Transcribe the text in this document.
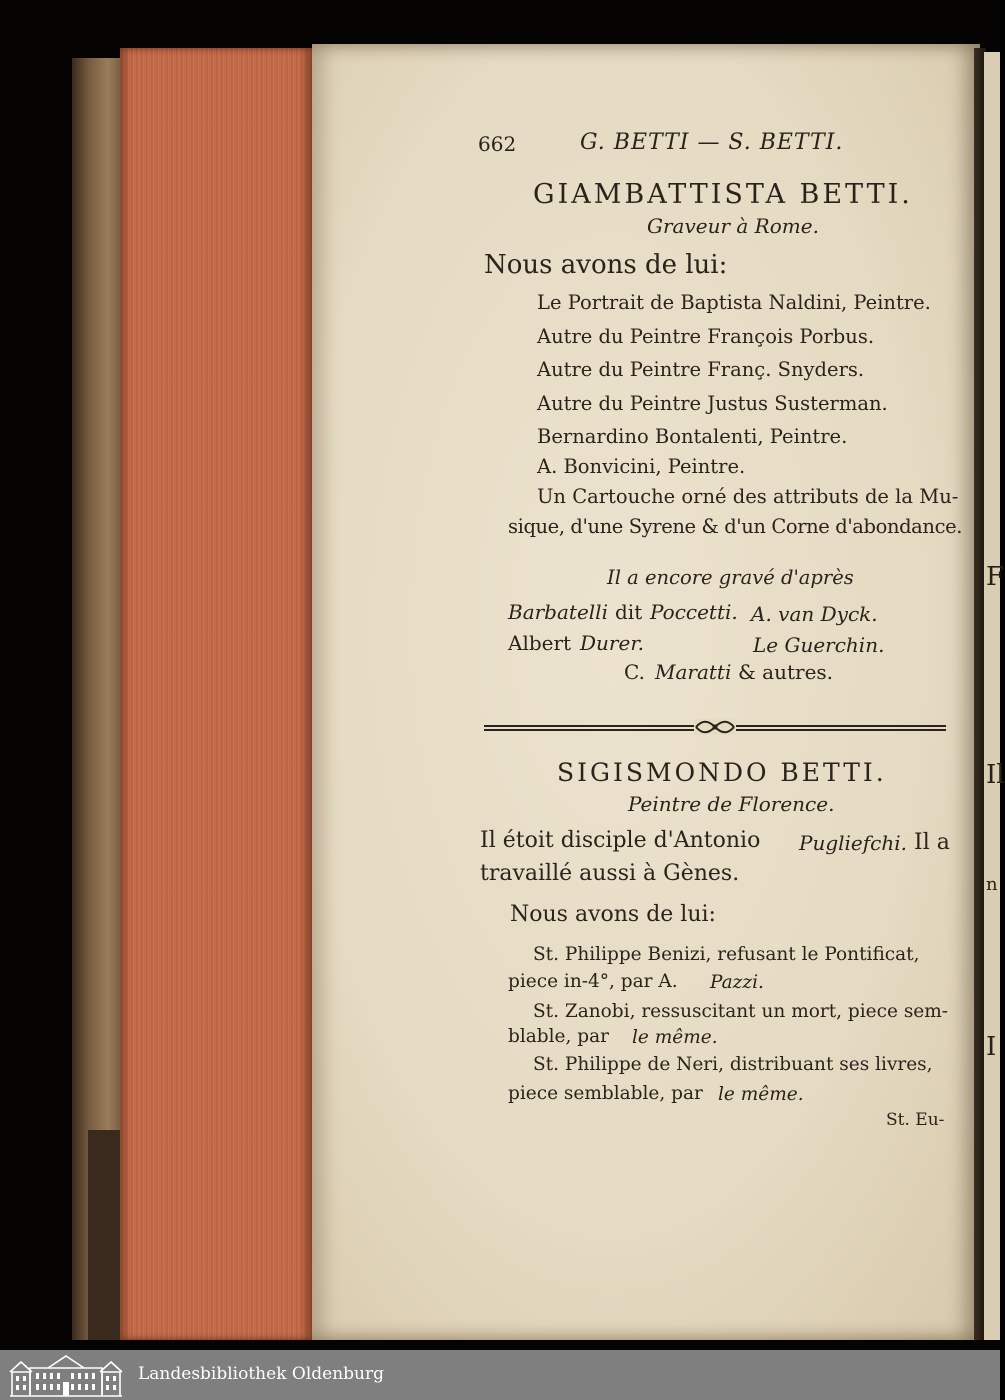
F
Il
n
I
662	G. BETTI — S. BETTI.
GIAMBATTISTA BETTI.
Graveur à Rome.
Nous avons de lui:
Le Portrait de Baptista Naldini, Peintre.
Autre du Peintre François Porbus.
Autre du Peintre Franç. Snyders.
Autre du Peintre Justus Susterman.
Bernardino Bontalenti, Peintre.
A. Bonvicini, Peintre.
Un Cartouche orné des attributs de la Mu-
sique, d'une Syrene & d'un Corne d'abondance.
Il a encore gravé d'après
Barbatelli dit Poccetti. A. van Dyck.
Albert Durer.	Le Guerchin.
C. Maratti & autres.
SIGISMONDO BETTI.
Peintre de Florence.
Il étoit disciple d'Antonio Pugliefchi. Il a
travaillé aussi à Gènes.
Nous avons de lui:
St. Philippe Benizi, refusant le Pontificat,
piece in-4°, par A. Pazzi.
St. Zanobi, ressuscitant un mort, piece sem-
blable, par le même.
St. Philippe de Neri, distribuant ses livres,
piece semblable, par le même.
St. Eu-
Landesbibliothek Oldenburg
